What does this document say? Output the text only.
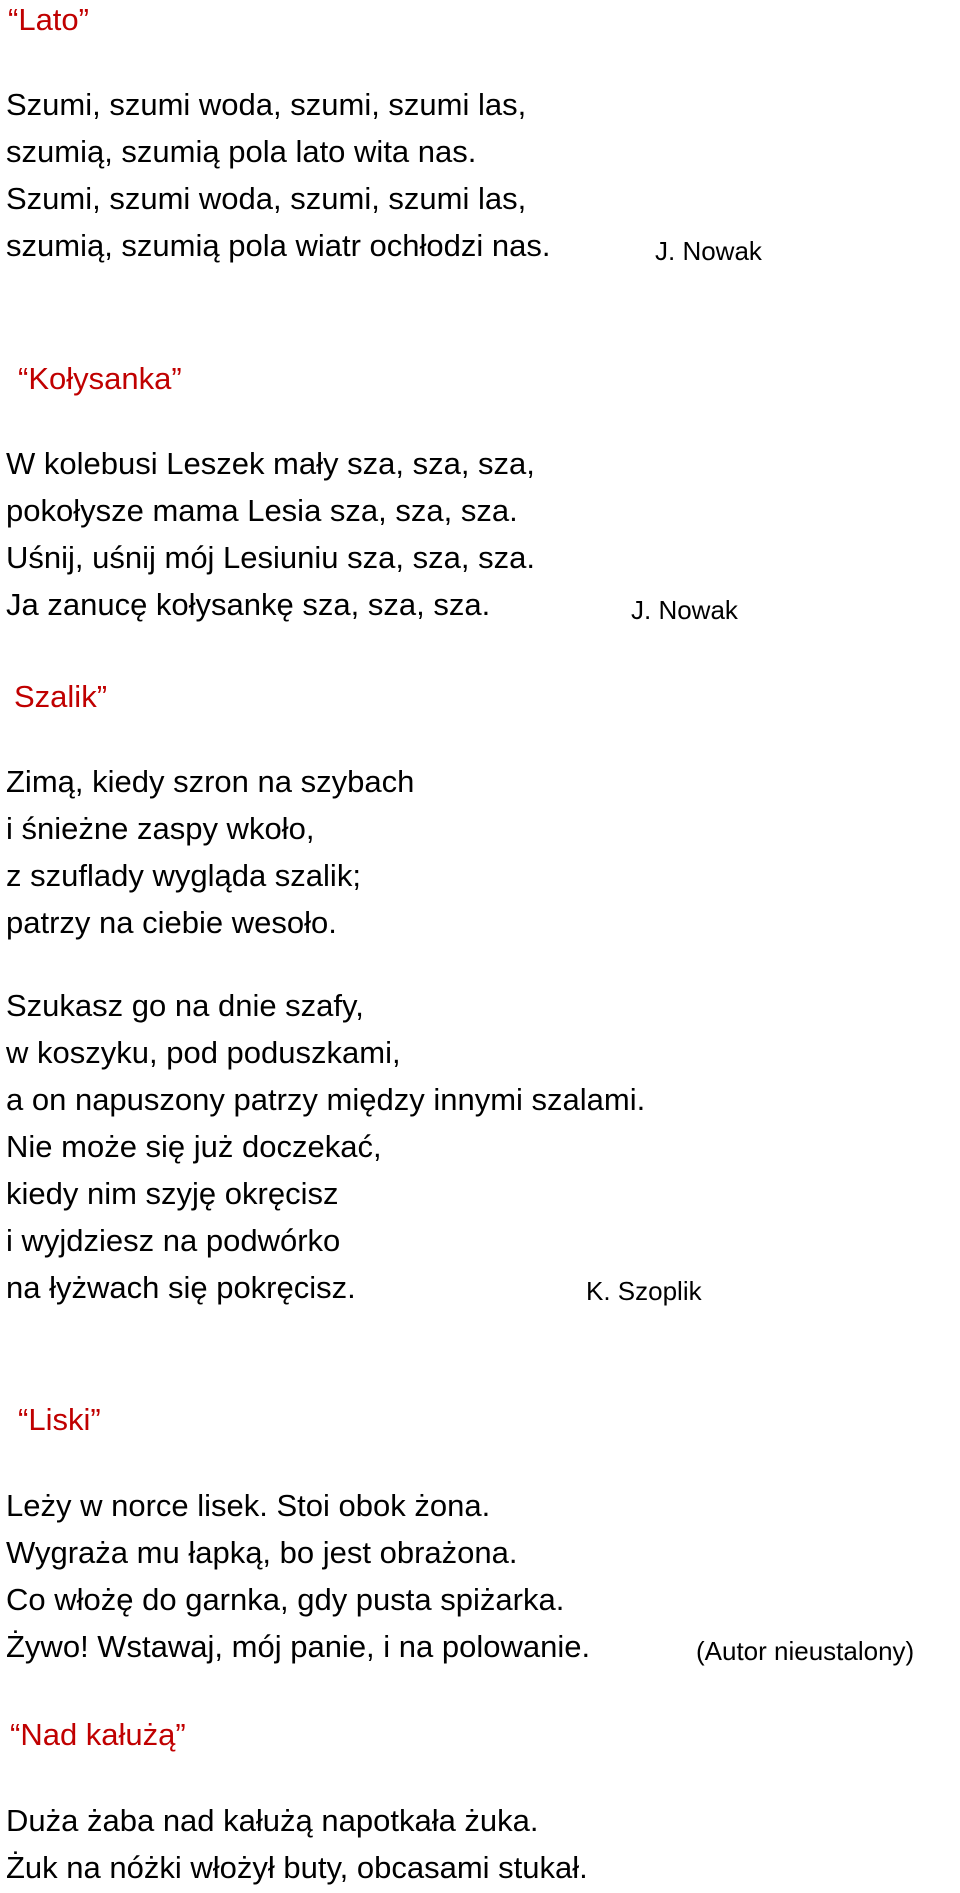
“Lato”
Szumi, szumi woda, szumi, szumi las,
szumią, szumią pola lato wita nas.
Szumi, szumi woda, szumi, szumi las,
szumią, szumią pola wiatr ochłodzi nas.	J. Nowak
“Kołysanka”
W kolebusi Leszek mały sza, sza, sza,
pokołysze mama Lesia sza, sza, sza.
Uśnij, uśnij mój Lesiuniu sza, sza, sza.
Ja zanucę kołysankę sza, sza, sza.	J. Nowak
Szalik”
Zimą, kiedy szron na szybach
i śnieżne zaspy wkoło,
z szuflady wygląda szalik;
patrzy na ciebie wesoło.
Szukasz go na dnie szafy,
w koszyku, pod poduszkami,
a on napuszony patrzy między innymi szalami.
Nie może się już doczekać,
kiedy nim szyję okręcisz
i wyjdziesz na podwórko
na łyżwach się pokręcisz.	K. Szoplik
“Liski”
Leży w norce lisek. Stoi obok żona.
Wygraża mu łapką, bo jest obrażona.
Co włożę do garnka, gdy pusta spiżarka.
Żywo! Wstawaj, mój panie, i na polowanie.	(Autor nieustalony)
“Nad kałużą”
Duża żaba nad kałużą napotkała żuka.
Żuk na nóżki włożył buty, obcasami stukał.
